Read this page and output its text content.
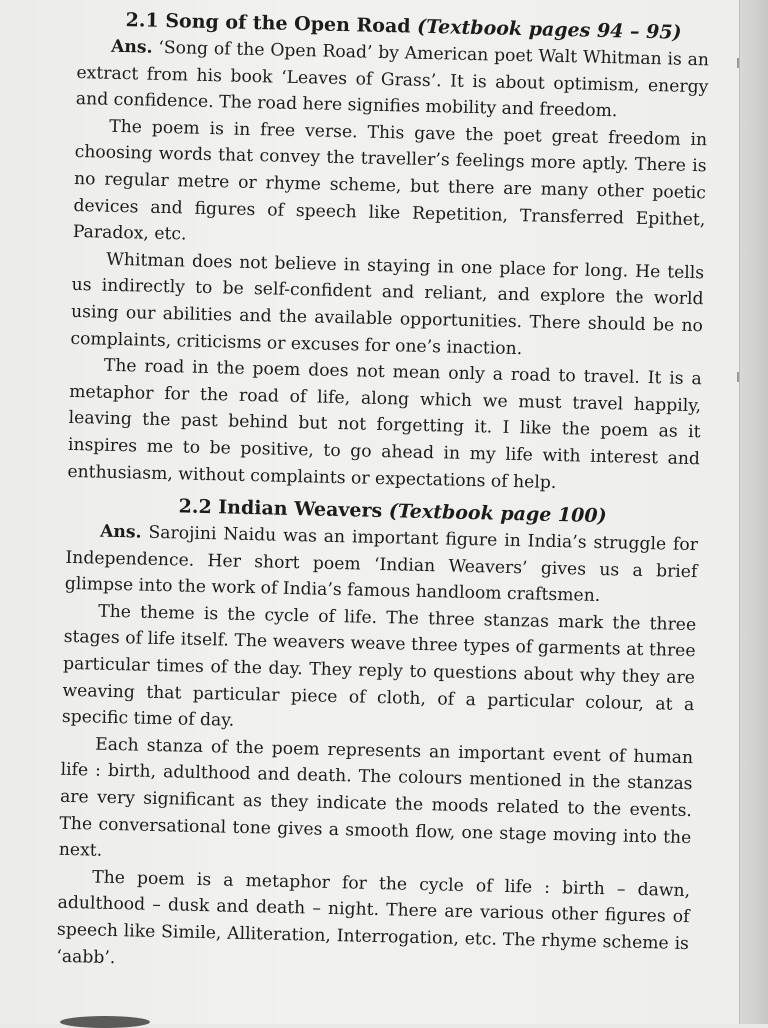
2.1 Song of the Open Road (Textbook pages 94 – 95)

Ans. ‘Song of the Open Road’ by American poet Walt Whitman is an extract from his book ‘Leaves of Grass’. It is about optimism, energy and confidence. The road here signifies mobility and freedom.

The poem is in free verse. This gave the poet great freedom in choosing words that convey the traveller’s feelings more aptly. There is no regular metre or rhyme scheme, but there are many other poetic devices and figures of speech like Repetition, Transferred Epithet, Paradox, etc.

Whitman does not believe in staying in one place for long. He tells us indirectly to be self-confident and reliant, and explore the world using our abilities and the available opportunities. There should be no complaints, criticisms or excuses for one’s inaction.

The road in the poem does not mean only a road to travel. It is a metaphor for the road of life, along which we must travel happily, leaving the past behind but not forgetting it. I like the poem as it inspires me to be positive, to go ahead in my life with interest and enthusiasm, without complaints or expectations of help.

2.2 Indian Weavers (Textbook page 100)

Ans. Sarojini Naidu was an important figure in India’s struggle for Independence. Her short poem ‘Indian Weavers’ gives us a brief glimpse into the work of India’s famous handloom craftsmen.

The theme is the cycle of life. The three stanzas mark the three stages of life itself. The weavers weave three types of garments at three particular times of the day. They reply to questions about why they are weaving that particular piece of cloth, of a particular colour, at a specific time of day.

Each stanza of the poem represents an important event of human life : birth, adulthood and death. The colours mentioned in the stanzas are very significant as they indicate the moods related to the events. The conversational tone gives a smooth flow, one stage moving into the next.

The poem is a metaphor for the cycle of life : birth – dawn, adulthood – dusk and death – night. There are various other figures of speech like Simile, Alliteration, Interrogation, etc. The rhyme scheme is ‘aabb’.
